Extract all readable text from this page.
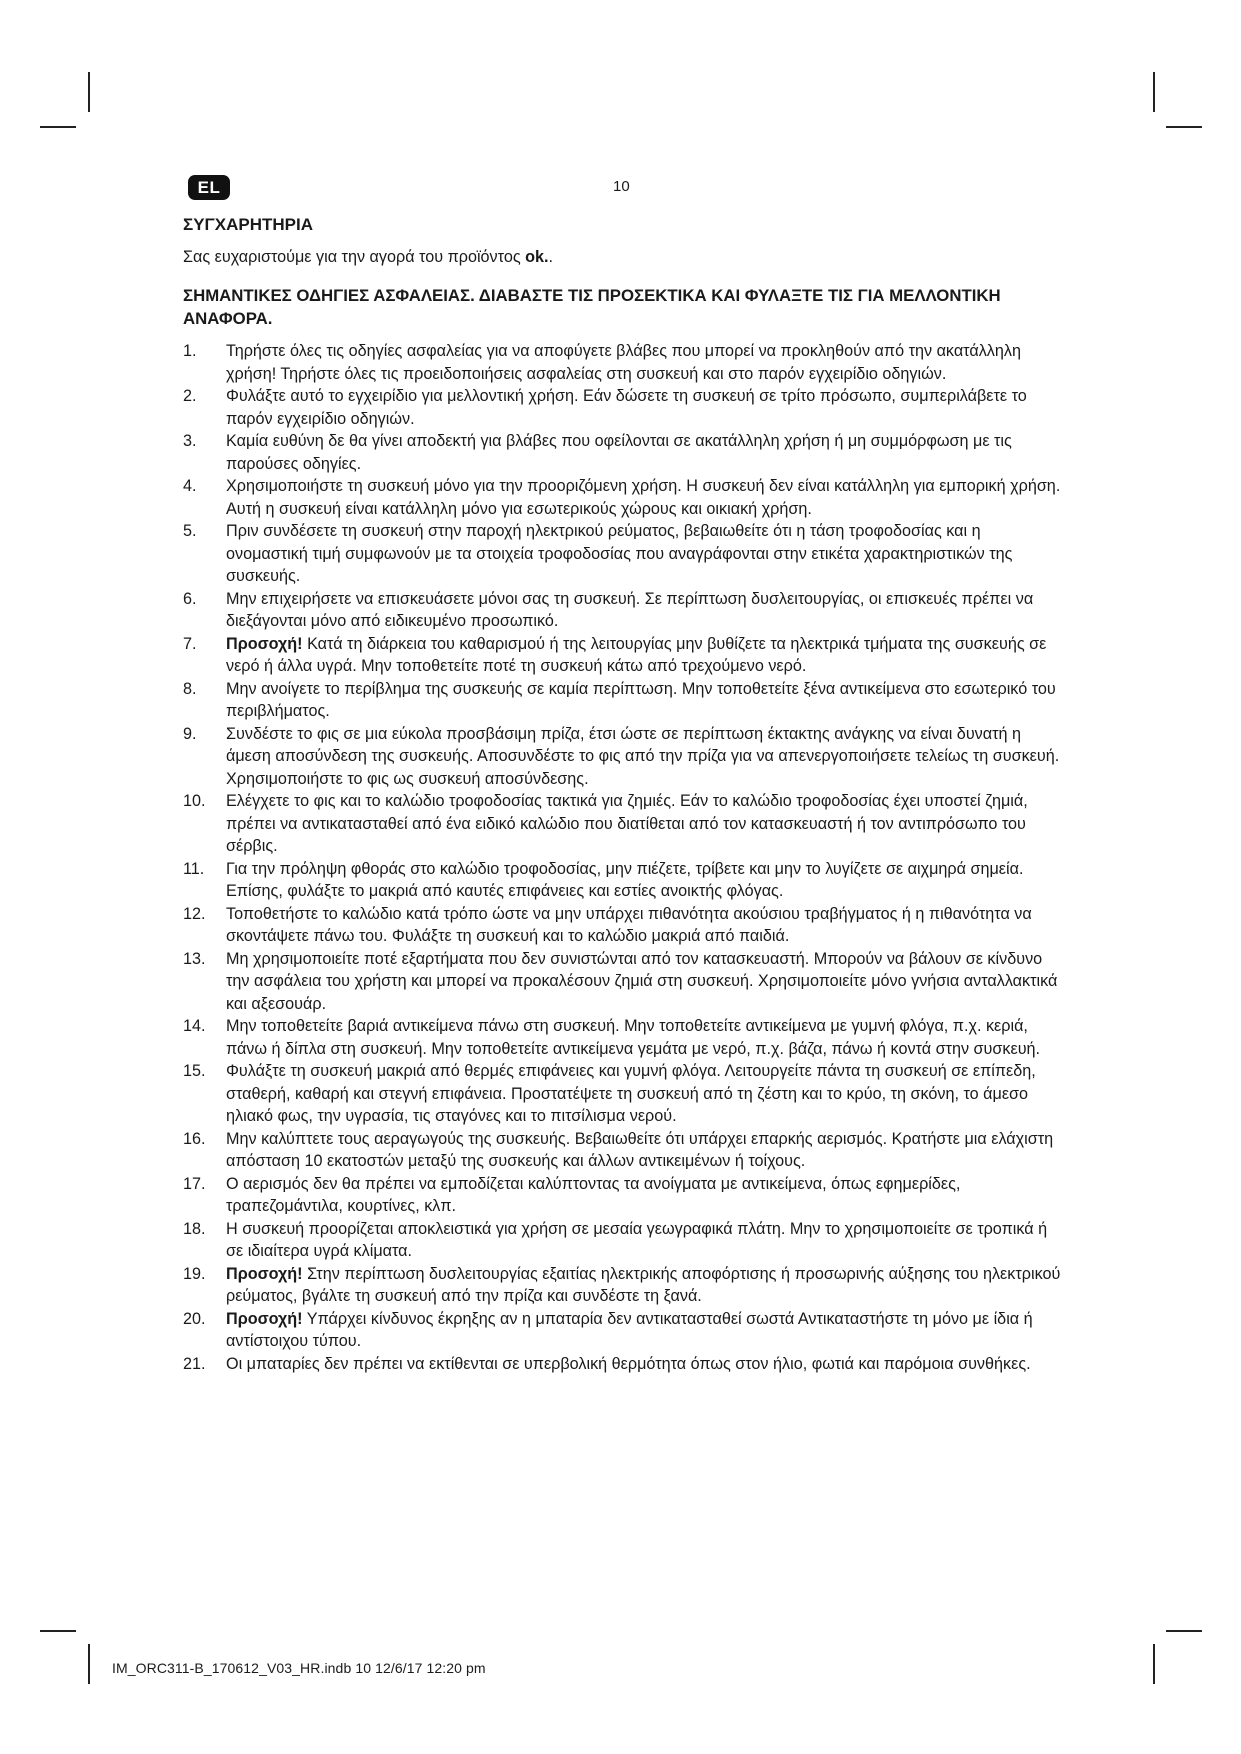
EL	10
ΣΥΓΧΑΡΗΤΗΡΙΑ

Σας ευχαριστούμε για την αγορά του προϊόντος ok..

ΣΗΜΑΝΤΙΚΕΣ ΟΔΗΓΙΕΣ ΑΣΦΑΛΕΙΑΣ. ΔΙΑΒΑΣΤΕ ΤΙΣ ΠΡΟΣΕΚΤΙΚΑ ΚΑΙ ΦΥΛΑΞΤΕ ΤΙΣ ΓΙΑ ΜΕΛΛΟΝΤΙΚΗ ΑΝΑΦΟΡΑ.
1. Τηρήστε όλες τις οδηγίες ασφαλείας για να αποφύγετε βλάβες που μπορεί να προκληθούν από την ακατάλληλη χρήση! Τηρήστε όλες τις προειδοποιήσεις ασφαλείας στη συσκευή και στο παρόν εγχειρίδιο οδηγιών.
2. Φυλάξτε αυτό το εγχειρίδιο για μελλοντική χρήση. Εάν δώσετε τη συσκευή σε τρίτο πρόσωπο, συμπεριλάβετε το παρόν εγχειρίδιο οδηγιών.
3. Καμία ευθύνη δε θα γίνει αποδεκτή για βλάβες που οφείλονται σε ακατάλληλη χρήση ή μη συμμόρφωση με τις παρούσες οδηγίες.
4. Χρησιμοποιήστε τη συσκευή μόνο για την προοριζόμενη χρήση. Η συσκευή δεν είναι κατάλληλη για εμπορική χρήση. Αυτή η συσκευή είναι κατάλληλη μόνο για εσωτερικούς χώρους και οικιακή χρήση.
5. Πριν συνδέσετε τη συσκευή στην παροχή ηλεκτρικού ρεύματος, βεβαιωθείτε ότι η τάση τροφοδοσίας και η ονομαστική τιμή συμφωνούν με τα στοιχεία τροφοδοσίας που αναγράφονται στην ετικέτα χαρακτηριστικών της συσκευής.
6. Μην επιχειρήσετε να επισκευάσετε μόνοι σας τη συσκευή. Σε περίπτωση δυσλειτουργίας, οι επισκευές πρέπει να διεξάγονται μόνο από ειδικευμένο προσωπικό.
7. Προσοχή! Κατά τη διάρκεια του καθαρισμού ή της λειτουργίας μην βυθίζετε τα ηλεκτρικά τμήματα της συσκευής σε νερό ή άλλα υγρά. Μην τοποθετείτε ποτέ τη συσκευή κάτω από τρεχούμενο νερό.
8. Μην ανοίγετε το περίβλημα της συσκευής σε καμία περίπτωση. Μην τοποθετείτε ξένα αντικείμενα στο εσωτερικό του περιβλήματος.
9. Συνδέστε το φις σε μια εύκολα προσβάσιμη πρίζα, έτσι ώστε σε περίπτωση έκτακτης ανάγκης να είναι δυνατή η άμεση αποσύνδεση της συσκευής. Αποσυνδέστε το φις από την πρίζα για να απενεργοποιήσετε τελείως τη συσκευή. Χρησιμοποιήστε το φις ως συσκευή αποσύνδεσης.
10. Ελέγχετε το φις και το καλώδιο τροφοδοσίας τακτικά για ζημιές. Εάν το καλώδιο τροφοδοσίας έχει υποστεί ζημιά, πρέπει να αντικατασταθεί από ένα ειδικό καλώδιο που διατίθεται από τον κατασκευαστή ή τον αντιπρόσωπο του σέρβις.
11. Για την πρόληψη φθοράς στο καλώδιο τροφοδοσίας, μην πιέζετε, τρίβετε και μην το λυγίζετε σε αιχμηρά σημεία. Επίσης, φυλάξτε το μακριά από καυτές επιφάνειες και εστίες ανοικτής φλόγας.
12. Τοποθετήστε το καλώδιο κατά τρόπο ώστε να μην υπάρχει πιθανότητα ακούσιου τραβήγματος ή η πιθανότητα να σκοντάψετε πάνω του. Φυλάξτε τη συσκευή και το καλώδιο μακριά από παιδιά.
13. Μη χρησιμοποιείτε ποτέ εξαρτήματα που δεν συνιστώνται από τον κατασκευαστή. Μπορούν να βάλουν σε κίνδυνο την ασφάλεια του χρήστη και μπορεί να προκαλέσουν ζημιά στη συσκευή. Χρησιμοποιείτε μόνο γνήσια ανταλλακτικά και αξεσουάρ.
14. Μην τοποθετείτε βαριά αντικείμενα πάνω στη συσκευή. Μην τοποθετείτε αντικείμενα με γυμνή φλόγα, π.χ. κεριά, πάνω ή δίπλα στη συσκευή. Μην τοποθετείτε αντικείμενα γεμάτα με νερό, π.χ. βάζα, πάνω ή κοντά στην συσκευή.
15. Φυλάξτε τη συσκευή μακριά από θερμές επιφάνειες και γυμνή φλόγα. Λειτουργείτε πάντα τη συσκευή σε επίπεδη, σταθερή, καθαρή και στεγνή επιφάνεια. Προστατέψετε τη συσκευή από τη ζέστη και το κρύο, τη σκόνη, το άμεσο ηλιακό φως, την υγρασία, τις σταγόνες και το πιτσίλισμα νερού.
16. Μην καλύπτετε τους αεραγωγούς της συσκευής. Βεβαιωθείτε ότι υπάρχει επαρκής αερισμός. Κρατήστε μια ελάχιστη απόσταση 10 εκατοστών μεταξύ της συσκευής και άλλων αντικειμένων ή τοίχους.
17. Ο αερισμός δεν θα πρέπει να εμποδίζεται καλύπτοντας τα ανοίγματα με αντικείμενα, όπως εφημερίδες, τραπεζομάντιλα, κουρτίνες, κλπ.
18. Η συσκευή προορίζεται αποκλειστικά για χρήση σε μεσαία γεωγραφικά πλάτη. Μην το χρησιμοποιείτε σε τροπικά ή σε ιδιαίτερα υγρά κλίματα.
19. Προσοχή! Στην περίπτωση δυσλειτουργίας εξαιτίας ηλεκτρικής αποφόρτισης ή προσωρινής αύξησης του ηλεκτρικού ρεύματος, βγάλτε τη συσκευή από την πρίζα και συνδέστε τη ξανά.
20. Προσοχή! Υπάρχει κίνδυνος έκρηξης αν η μπαταρία δεν αντικατασταθεί σωστά Αντικαταστήστε τη μόνο με ίδια ή αντίστοιχου τύπου.
21. Οι μπαταρίες δεν πρέπει να εκτίθενται σε υπερβολική θερμότητα όπως στον ήλιο, φωτιά και παρόμοια συνθήκες.
IM_ORC311-B_170612_V03_HR.indb 10 12/6/17 12:20 pm
